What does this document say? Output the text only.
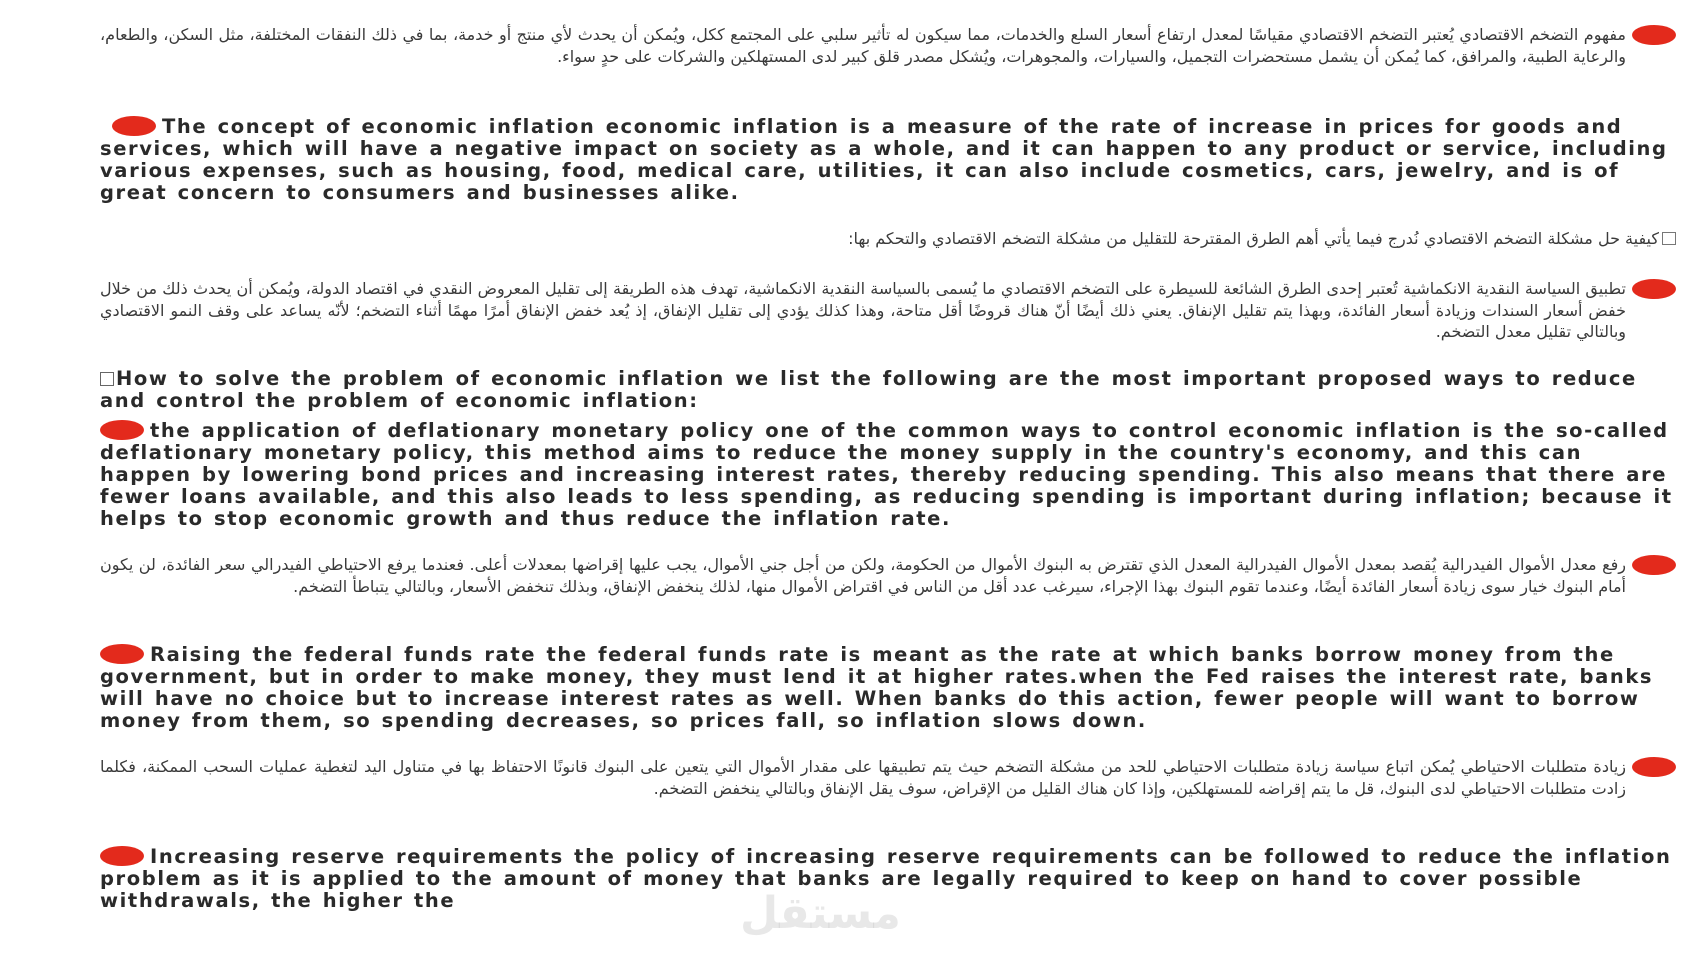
مفهوم التضخم الاقتصادي يُعتبر التضخم الاقتصادي مقياسًا لمعدل ارتفاع أسعار السلع والخدمات، مما سيكون له تأثير سلبي على المجتمع ككل، ويُمكن أن يحدث لأي منتج أو خدمة، بما في ذلك النفقات المختلفة، مثل السكن، والطعام، والرعاية الطبية، والمرافق، كما يُمكن أن يشمل مستحضرات التجميل، والسيارات، والمجوهرات، ويُشكل مصدر قلق كبير لدى المستهلكين والشركات على حدٍ سواء.
The concept of economic inflation economic inflation is a measure of the rate of increase in prices for goods and services, which will have a negative impact on society as a whole, and it can happen to any product or service, including various expenses, such as housing, food, medical care, utilities, it can also include cosmetics, cars, jewelry, and is of great concern to consumers and businesses alike.
كيفية حل مشكلة التضخم الاقتصادي نُدرج فيما يأتي أهم الطرق المقترحة للتقليل من مشكلة التضخم الاقتصادي والتحكم بها:
تطبيق السياسة النقدية الانكماشية تُعتبر إحدى الطرق الشائعة للسيطرة على التضخم الاقتصادي ما يُسمى بالسياسة النقدية الانكماشية، تهدف هذه الطريقة إلى تقليل المعروض النقدي في اقتصاد الدولة، ويُمكن أن يحدث ذلك من خلال خفض أسعار السندات وزيادة أسعار الفائدة، وبهذا يتم تقليل الإنفاق. يعني ذلك أيضًا أنّ هناك قروضًا أقل متاحة، وهذا كذلك يؤدي إلى تقليل الإنفاق، إذ يُعد خفض الإنفاق أمرًا مهمًا أثناء التضخم؛ لأنّه يساعد على وقف النمو الاقتصادي وبالتالي تقليل معدل التضخم.
How to solve the problem of economic inflation we list the following are the most important proposed ways to reduce and control the problem of economic inflation:
the application of deflationary monetary policy one of the common ways to control economic inflation is the so-called deflationary monetary policy, this method aims to reduce the money supply in the country's economy, and this can happen by lowering bond prices and increasing interest rates, thereby reducing spending. This also means that there are fewer loans available, and this also leads to less spending, as reducing spending is important during inflation; because it helps to stop economic growth and thus reduce the inflation rate.
رفع معدل الأموال الفيدرالية يُقصد بمعدل الأموال الفيدرالية المعدل الذي تقترض به البنوك الأموال من الحكومة، ولكن من أجل جني الأموال، يجب عليها إقراضها بمعدلات أعلى. فعندما يرفع الاحتياطي الفيدرالي سعر الفائدة، لن يكون أمام البنوك خيار سوى زيادة أسعار الفائدة أيضًا، وعندما تقوم البنوك بهذا الإجراء، سيرغب عدد أقل من الناس في اقتراض الأموال منها، لذلك ينخفض الإنفاق، وبذلك تنخفض الأسعار، وبالتالي يتباطأ التضخم.
Raising the federal funds rate the federal funds rate is meant as the rate at which banks borrow money from the government, but in order to make money, they must lend it at higher rates.when the Fed raises the interest rate, banks will have no choice but to increase interest rates as well. When banks do this action, fewer people will want to borrow money from them, so spending decreases, so prices fall, so inflation slows down.
زيادة متطلبات الاحتياطي يُمكن اتباع سياسة زيادة متطلبات الاحتياطي للحد من مشكلة التضخم حيث يتم تطبيقها على مقدار الأموال التي يتعين على البنوك قانونًا الاحتفاظ بها في متناول اليد لتغطية عمليات السحب الممكنة، فكلما زادت متطلبات الاحتياطي لدى البنوك، قل ما يتم إقراضه للمستهلكين، وإذا كان هناك القليل من الإقراض، سوف يقل الإنفاق وبالتالي ينخفض التضخم.
Increasing reserve requirements the policy of increasing reserve requirements can be followed to reduce the inflation problem as it is applied to the amount of money that banks are legally required to keep on hand to cover possible withdrawals, the higher the	مستقل
